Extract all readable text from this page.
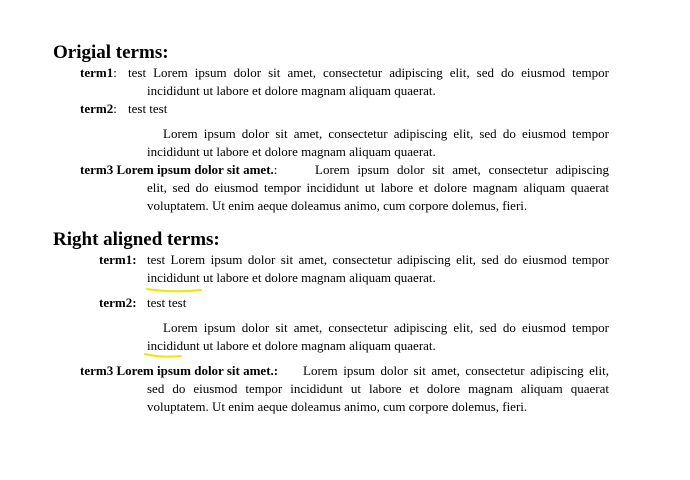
Origial terms:
term1: test Lorem ipsum dolor sit amet, consectetur adipiscing elit, sed do eiusmod tempor
incididunt ut labore et dolore magnam aliquam quaerat.
term2: test test
Lorem ipsum dolor sit amet, consectetur adipiscing elit, sed do eiusmod tempor
incididunt ut labore et dolore magnam aliquam quaerat.
term3 Lorem ipsum dolor sit amet.:	Lorem ipsum dolor sit amet, consectetur adipiscing
elit, sed do eiusmod tempor incididunt ut labore et dolore magnam aliquam quaerat
voluptatem. Ut enim aeque doleamus animo, cum corpore dolemus, fieri.
Right aligned terms:
term1: test Lorem ipsum dolor sit amet, consectetur adipiscing elit, sed do eiusmod tempor
incididunt ut labore et dolore magnam aliquam quaerat.
term2: test test
Lorem ipsum dolor sit amet, consectetur adipiscing elit, sed do eiusmod tempor
incididunt ut labore et dolore magnam aliquam quaerat.
term3 Lorem ipsum dolor sit amet.: Lorem ipsum dolor sit amet, consectetur adipiscing elit,
sed do eiusmod tempor incididunt ut labore et dolore magnam aliquam quaerat
voluptatem. Ut enim aeque doleamus animo, cum corpore dolemus, fieri.
